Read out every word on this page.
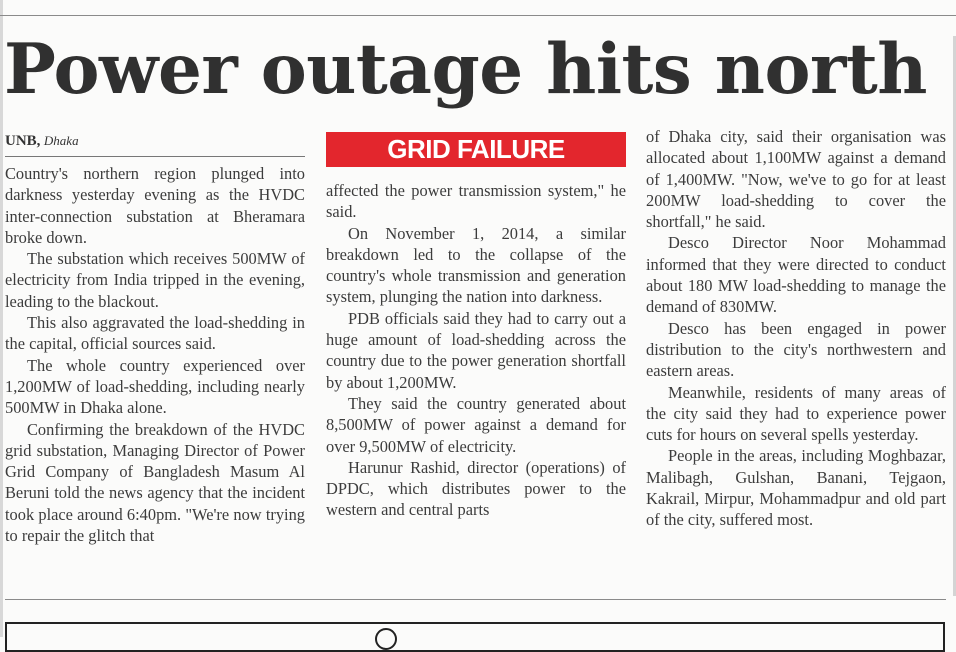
Power outage hits north
UNB, Dhaka

Country's northern region plunged into darkness yesterday evening as the HVDC inter-connection substation at Bheramara broke down.

The substation which receives 500MW of electricity from India tripped in the evening, leading to the blackout.

This also aggravated the load-shedding in the capital, official sources said.

The whole country experienced over 1,200MW of load-shedding, including nearly 500MW in Dhaka alone.

Confirming the breakdown of the HVDC grid substation, Managing Director of Power Grid Company of Bangladesh Masum Al Beruni told the news agency that the incident took place around 6:40pm. "We're now trying to repair the glitch that

GRID FAILURE

affected the power transmission system," he said.

On November 1, 2014, a similar breakdown led to the collapse of the country's whole transmission and generation system, plunging the nation into darkness.

PDB officials said they had to carry out a huge amount of load-shedding across the country due to the power generation shortfall by about 1,200MW.

They said the country generated about 8,500MW of power against a demand for over 9,500MW of electricity.

Harunur Rashid, director (operations) of DPDC, which distributes power to the western and central parts

of Dhaka city, said their organisation was allocated about 1,100MW against a demand of 1,400MW. "Now, we've to go for at least 200MW load-shedding to cover the shortfall," he said.

Desco Director Noor Mohammad informed that they were directed to conduct about 180 MW load-shedding to manage the demand of 830MW.

Desco has been engaged in power distribution to the city's northwestern and eastern areas.

Meanwhile, residents of many areas of the city said they had to experience power cuts for hours on several spells yesterday.

People in the areas, including Moghbazar, Malibagh, Gulshan, Banani, Tejgaon, Kakrail, Mirpur, Mohammadpur and old part of the city, suffered most.
